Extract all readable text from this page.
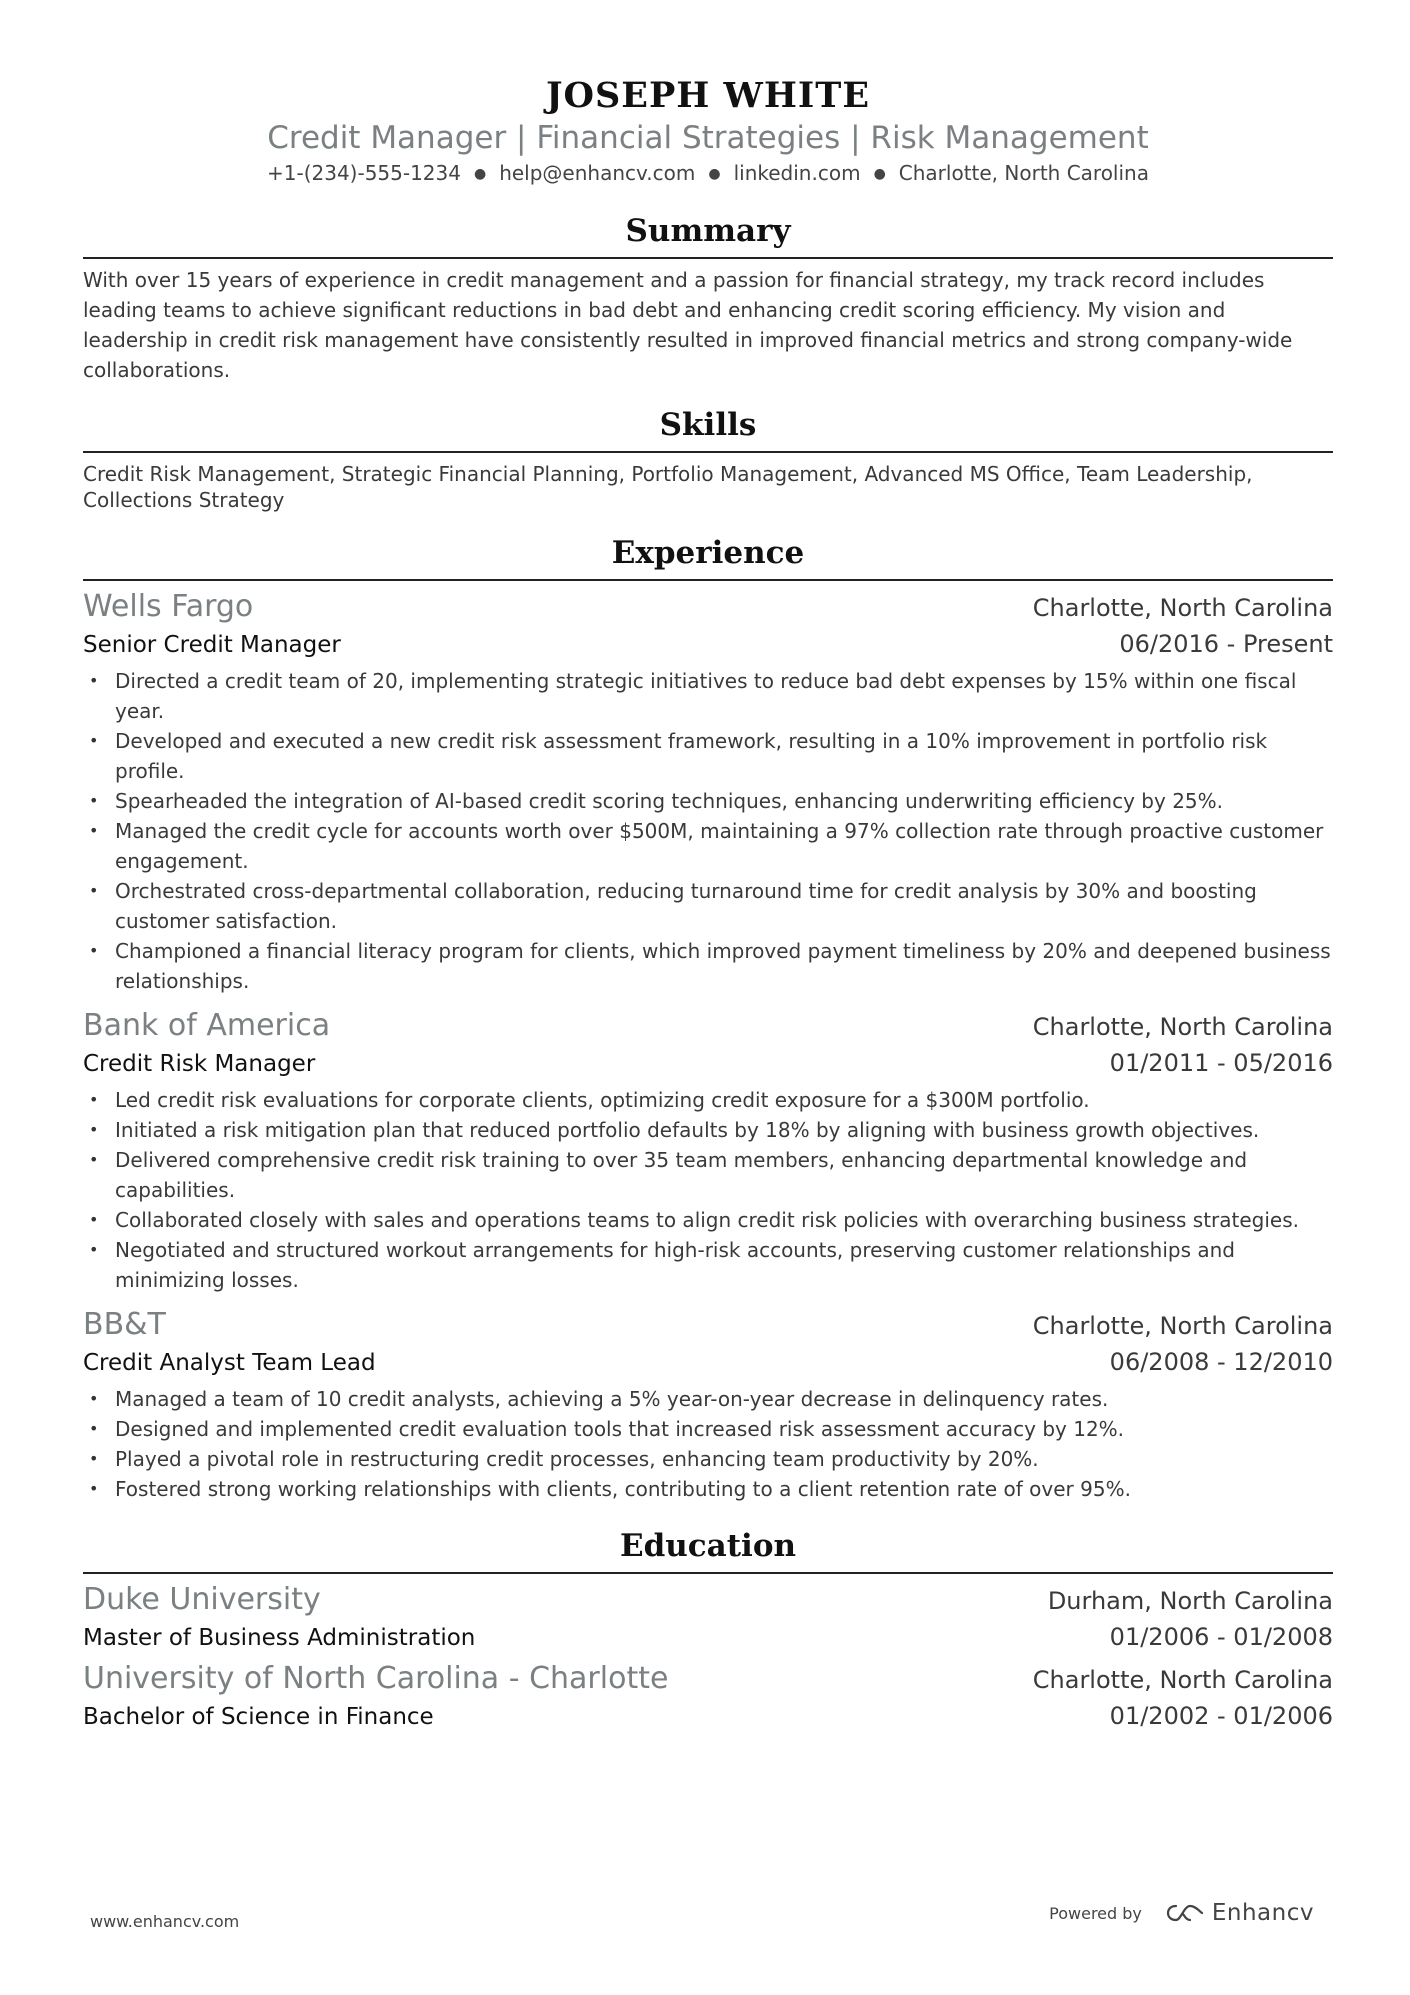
JOSEPH WHITE
Credit Manager | Financial Strategies | Risk Management
+1-(234)-555-1234 ● help@enhancv.com ● linkedin.com ● Charlotte, North Carolina
Summary
With over 15 years of experience in credit management and a passion for financial strategy, my track record includes leading teams to achieve significant reductions in bad debt and enhancing credit scoring efficiency. My vision and leadership in credit risk management have consistently resulted in improved financial metrics and strong company-wide collaborations.
Skills
Credit Risk Management, Strategic Financial Planning, Portfolio Management, Advanced MS Office, Team Leadership, Collections Strategy
Experience
Wells Fargo	Charlotte, North Carolina
Senior Credit Manager	06/2016 - Present
• Directed a credit team of 20, implementing strategic initiatives to reduce bad debt expenses by 15% within one fiscal year.
• Developed and executed a new credit risk assessment framework, resulting in a 10% improvement in portfolio risk profile.
• Spearheaded the integration of AI-based credit scoring techniques, enhancing underwriting efficiency by 25%.
• Managed the credit cycle for accounts worth over $500M, maintaining a 97% collection rate through proactive customer engagement.
• Orchestrated cross-departmental collaboration, reducing turnaround time for credit analysis by 30% and boosting customer satisfaction.
• Championed a financial literacy program for clients, which improved payment timeliness by 20% and deepened business relationships.
Bank of America	Charlotte, North Carolina
Credit Risk Manager	01/2011 - 05/2016
• Led credit risk evaluations for corporate clients, optimizing credit exposure for a $300M portfolio.
• Initiated a risk mitigation plan that reduced portfolio defaults by 18% by aligning with business growth objectives.
• Delivered comprehensive credit risk training to over 35 team members, enhancing departmental knowledge and capabilities.
• Collaborated closely with sales and operations teams to align credit risk policies with overarching business strategies.
• Negotiated and structured workout arrangements for high-risk accounts, preserving customer relationships and minimizing losses.
BB&T	Charlotte, North Carolina
Credit Analyst Team Lead	06/2008 - 12/2010
• Managed a team of 10 credit analysts, achieving a 5% year-on-year decrease in delinquency rates.
• Designed and implemented credit evaluation tools that increased risk assessment accuracy by 12%.
• Played a pivotal role in restructuring credit processes, enhancing team productivity by 20%.
• Fostered strong working relationships with clients, contributing to a client retention rate of over 95%.
Education
Duke University	Durham, North Carolina
Master of Business Administration	01/2006 - 01/2008
University of North Carolina - Charlotte	Charlotte, North Carolina
Bachelor of Science in Finance	01/2002 - 01/2006
www.enhancv.com	Powered by	Enhancv
